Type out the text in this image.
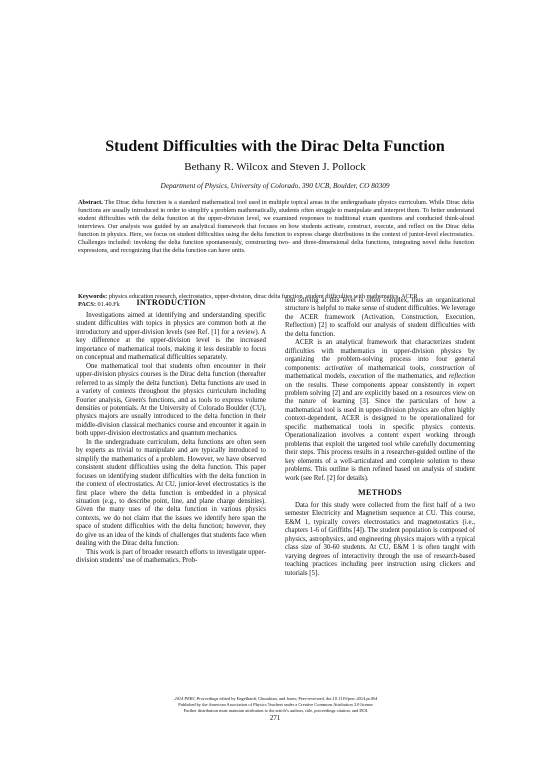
Student Difficulties with the Dirac Delta Function
Bethany R. Wilcox and Steven J. Pollock
Department of Physics, University of Colorado, 390 UCB, Boulder, CO 80309
Abstract. The Dirac delta function is a standard mathematical tool used in multiple topical areas in the undergraduate physics curriculum. While Dirac delta functions are usually introduced in order to simplify a problem mathematically, students often struggle to manipulate and interpret them. To better understand student difficulties with the delta function at the upper-division level, we examined responses to traditional exam questions and conducted think-aloud interviews. Our analysis was guided by an analytical framework that focuses on how students activate, construct, execute, and reflect on the Dirac delta function in physics. Here, we focus on student difficulties using the delta function to express charge distributions in the context of junior-level electrostatics. Challenges included: invoking the delta function spontaneously, constructing two- and three-dimensional delta functions, integrating novel delta function expressions, and recognizing that the delta function can have units.
Keywords: physics education research, electrostatics, upper-division, dirac delta function, student difficulties with mathematics, ACER
PACS: 01.40.Fk	INTRODUCTION

Investigations aimed at identifying and understanding specific student difficulties with topics in physics are common both at the introductory and upper-division levels (see Ref. [1] for a review). A key difference at the upper-division level is the increased importance of mathematical tools, making it less desirable to focus on conceptual and mathematical difficulties separately.

One mathematical tool that students often encounter in their upper-division physics courses is the Dirac delta function (thereafter referred to as simply the delta function). Delta functions are used in a variety of contexts throughout the physics curriculum including Fourier analysis, Green's functions, and as tools to express volume densities or potentials. At the University of Colorado Boulder (CU), physics majors are usually introduced to the delta function in their middle-division classical mechanics course and encounter it again in both upper-division electrostatics and quantum mechanics.

In the undergraduate curriculum, delta functions are often seen by experts as trivial to manipulate and are typically introduced to simplify the mathematics of a problem. However, we have observed consistent student difficulties using the delta function. This paper focuses on identifying student difficulties with the delta function in the context of electrostatics. At CU, junior-level electrostatics is the first place where the delta function is embedded in a physical situation (e.g., to describe point, line, and plane charge densities). Given the many uses of the delta function in various physics contexts, we do not claim that the issues we identify here span the space of student difficulties with the delta function; however, they do give us an idea of the kinds of challenges that students face when dealing with the Dirac delta function.

This work is part of broader research efforts to investigate upper-division students' use of mathematics. Prob-

lem solving at this level is often complex, thus an organizational structure is helpful to make sense of student difficulties. We leverage the ACER framework (Activation, Construction, Execution, Reflection) [2] to scaffold our analysis of student difficulties with the delta function.

ACER is an analytical framework that characterizes student difficulties with mathematics in upper-division physics by organizing the problem-solving process into four general components: activation of mathematical tools, construction of mathematical models, execution of the mathematics, and reflection on the results. These components appear consistently in expert problem solving [2] and are explicitly based on a resources view on the nature of learning [3]. Since the particulars of how a mathematical tool is used in upper-division physics are often highly context-dependent, ACER is designed to be operationalized for specific mathematical tools in specific physics contexts. Operationalization involves a content expert working through problems that exploit the targeted tool while carefully documenting their steps. This process results in a researcher-guided outline of the key elements of a well-articulated and complete solution to these problems. This outline is then refined based on analysis of student work (see Ref. [2] for details).

METHODS

Data for this study were collected from the first half of a two semester Electricity and Magnetism sequence at CU. This course, E&M 1, typically covers electrostatics and magnetostatics (i.e., chapters 1-6 of Griffiths [4]). The student population is composed of physics, astrophysics, and engineering physics majors with a typical class size of 30-60 students. At CU, E&M 1 is often taught with varying degrees of interactivity through the use of research-based teaching practices including peer instruction using clickers and tutorials [5].

2014 PERC Proceedings edited by Engelhardt, Churukian, and Jones; Peer-reviewed, doi:10.1119/perc.2014.pr.064
Published by the American Association of Physics Teachers under a Creative Commons Attribution 3.0 license.
Further distribution must maintain attribution to the article's authors, title, proceedings citation, and DOI.
271
